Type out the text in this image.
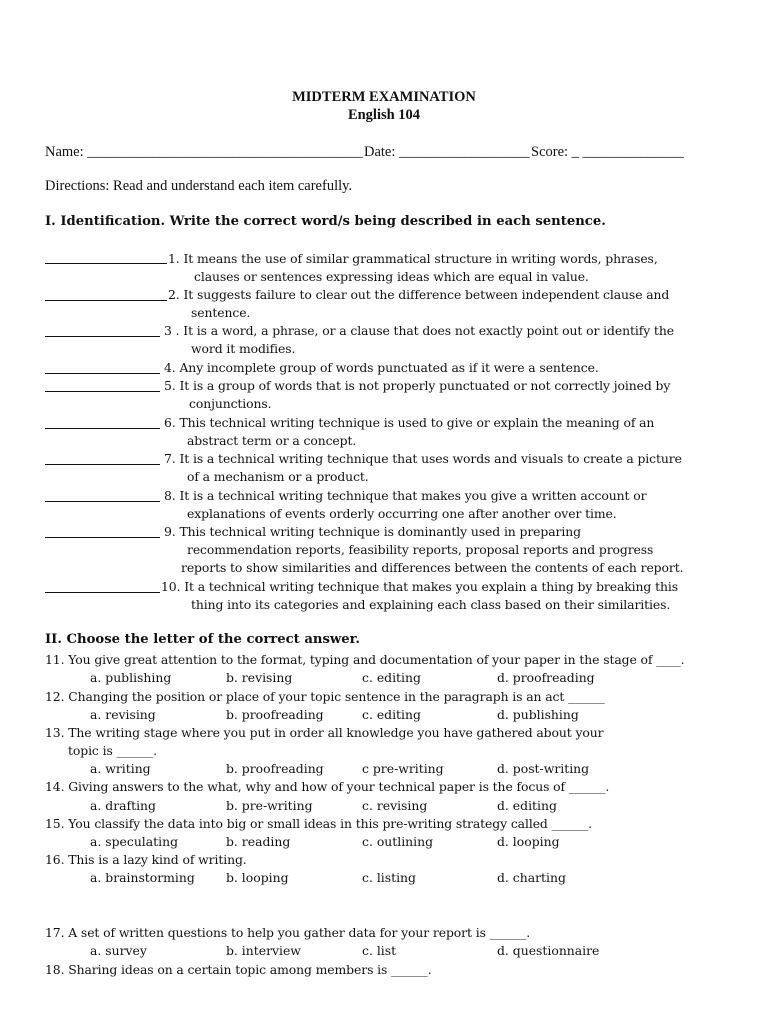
MIDTERM EXAMINATION
English 104
Name: ______________________________________ Date: __________________ Score: _ ______________
Directions: Read and understand each item carefully.
I. Identification. Write the correct word/s being described in each sentence.
1. It means the use of similar grammatical structure in writing words, phrases,
clauses or sentences expressing ideas which are equal in value.
2. It suggests failure to clear out the difference between independent clause and
sentence.
3 . It is a word, a phrase, or a clause that does not exactly point out or identify the
word it modifies.
4. Any incomplete group of words punctuated as if it were a sentence.
5. It is a group of words that is not properly punctuated or not correctly joined by
conjunctions.
6. This technical writing technique is used to give or explain the meaning of an
abstract term or a concept.
7. It is a technical writing technique that uses words and visuals to create a picture
of a mechanism or a product.
8. It is a technical writing technique that makes you give a written account or
explanations of events orderly occurring one after another over time.
9. This technical writing technique is dominantly used in preparing
recommendation reports, feasibility reports, proposal reports and progress
reports to show similarities and differences between the contents of each report.
10. It a technical writing technique that makes you explain a thing by breaking this
thing into its categories and explaining each class based on their similarities.
II. Choose the letter of the correct answer.
11. You give great attention to the format, typing and documentation of your paper in the stage of ____.
a. publishing	b. revising	c. editing	d. proofreading
12. Changing the position or place of your topic sentence in the paragraph is an act ______
a. revising	b. proofreading	c. editing	d. publishing
13. The writing stage where you put in order all knowledge you have gathered about your
topic is ______.
a. writing	b. proofreading	c pre-writing	d. post-writing
14. Giving answers to the what, why and how of your technical paper is the focus of ______.
a. drafting	b. pre-writing	c. revising	d. editing
15. You classify the data into big or small ideas in this pre-writing strategy called ______.
a. speculating	b. reading	c. outlining	d. looping
16. This is a lazy kind of writing.
a. brainstorming	b. looping	c. listing	d. charting
17. A set of written questions to help you gather data for your report is ______.
a. survey	b. interview	c. list	d. questionnaire
18. Sharing ideas on a certain topic among members is ______.
